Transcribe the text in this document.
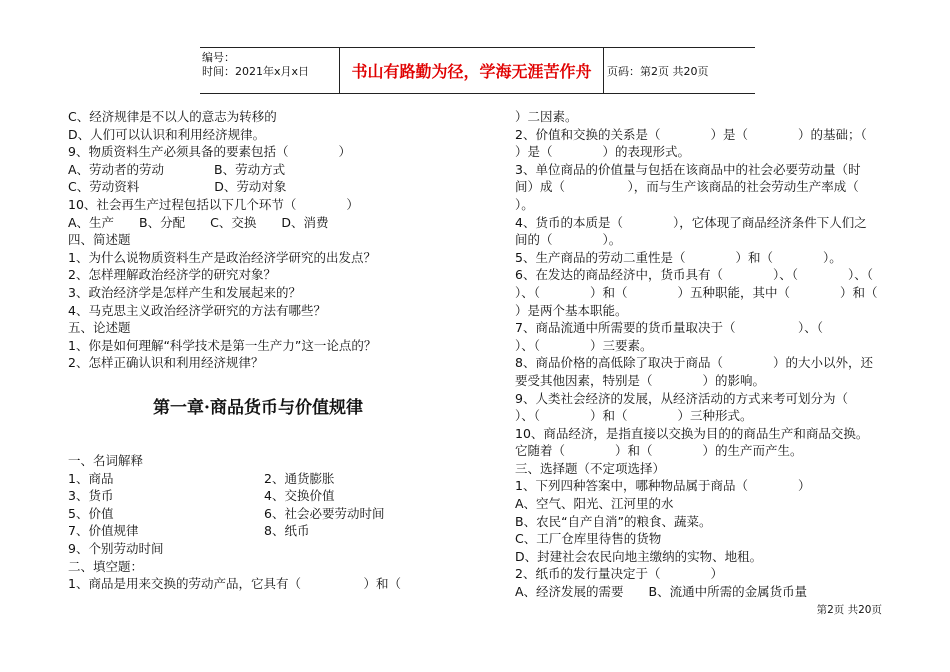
编号：
时间：2021年x月x日	书山有路勤为径，学海无涯苦作舟	页码：第2页 共20页
C、经济规律是不以人的意志为转移的
D、人们可以认识和利用经济规律。
9、物质资料生产必须具备的要素包括（　　　　）
A、劳动者的劳动　　　　B、劳动方式
C、劳动资料　　　　　　D、劳动对象
10、社会再生产过程包括以下几个环节（　　　　）
A、生产　　B、分配　　C、交换　　D、消费
四、简述题
1、为什么说物质资料生产是政治经济学研究的出发点？
2、怎样理解政治经济学的研究对象？
3、政治经济学是怎样产生和发展起来的？
4、马克思主义政治经济学研究的方法有哪些？
五、论述题
1、你是如何理解“科学技术是第一生产力”这一论点的？
2、怎样正确认识和利用经济规律？
第一章·商品货币与价值规律
一、名词解释
1、商品	2、通货膨胀
3、货币	4、交换价值
5、价值	6、社会必要劳动时间
7、价值规律	8、纸币
9、个别劳动时间
二、填空题：
1、商品是用来交换的劳动产品，它具有（　　　　　）和（
）二因素。
2、价值和交换的关系是（　　　　）是（　　　　）的基础；（
）是（　　　　）的表现形式。
3、单位商品的价值量与包括在该商品中的社会必要劳动量（时
间）成（　　　　　），而与生产该商品的社会劳动生产率成（
）。
4、货币的本质是（　　　　），它体现了商品经济条件下人们之
间的（　　　　）。
5、生产商品的劳动二重性是（　　　　）和（　　　　）。
6、在发达的商品经济中，货币具有（　　　　）、（　　　　）、（
）、（　　　　）和（　　　　）五种职能，其中（　　　　）和（
）是两个基本职能。
7、商品流通中所需要的货币量取决于（　　　　　）、（
）、（　　　　）三要素。
8、商品价格的高低除了取决于商品（　　　　）的大小以外，还
要受其他因素，特别是（　　　　）的影响。
9、人类社会经济的发展，从经济活动的方式来考可划分为（
）、（　　　　）和（　　　　）三种形式。
10、商品经济，是指直接以交换为目的的商品生产和商品交换。
它随着（　　　　）和（　　　　）的生产而产生。
三、选择题（不定项选择）
1、下列四种答案中，哪种物品属于商品（　　　　）
A、空气、阳光、江河里的水
B、农民“自产自消”的粮食、蔬菜。
C、工厂仓库里待售的货物
D、封建社会农民向地主缴纳的实物、地租。
2、纸币的发行量决定于（　　　　）
A、经济发展的需要　　B、流通中所需的金属货币量
第2页 共20页
